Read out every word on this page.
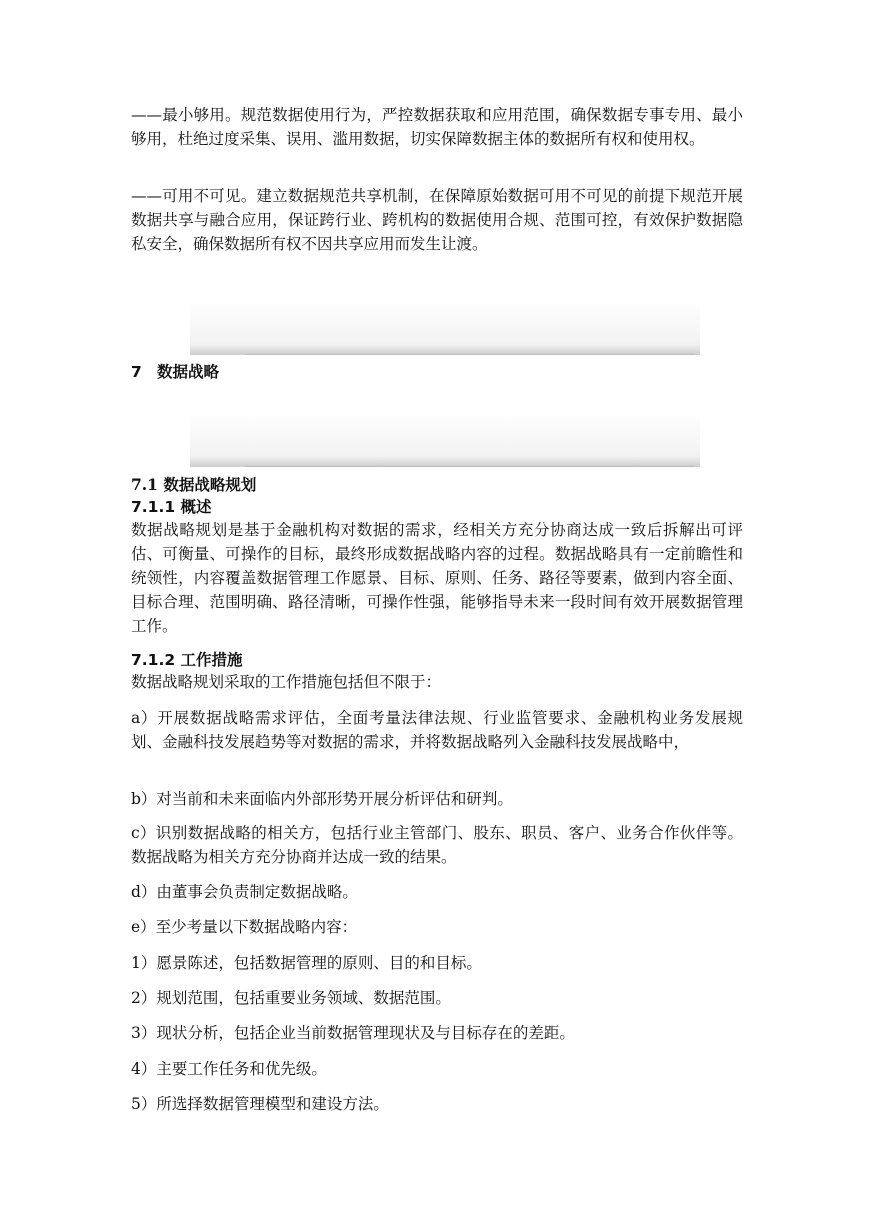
——最小够用。规范数据使用行为，严控数据获取和应用范围，确保数据专事专用、最小够用，杜绝过度采集、误用、滥用数据，切实保障数据主体的数据所有权和使用权。

——可用不可见。建立数据规范共享机制，在保障原始数据可用不可见的前提下规范开展数据共享与融合应用，保证跨行业、跨机构的数据使用合规、范围可控，有效保护数据隐私安全，确保数据所有权不因共享应用而发生让渡。

7 数据战略
7.1 数据战略规划
7.1.1 概述

数据战略规划是基于金融机构对数据的需求，经相关方充分协商达成一致后拆解出可评估、可衡量、可操作的目标，最终形成数据战略内容的过程。数据战略具有一定前瞻性和统领性，内容覆盖数据管理工作愿景、目标、原则、任务、路径等要素，做到内容全面、目标合理、范围明确、路径清晰，可操作性强，能够指导未来一段时间有效开展数据管理工作。

7.1.2 工作措施

数据战略规划采取的工作措施包括但不限于：

a）开展数据战略需求评估，全面考量法律法规、行业监管要求、金融机构业务发展规划、金融科技发展趋势等对数据的需求，并将数据战略列入金融科技发展战略中，

b）对当前和未来面临内外部形势开展分析评估和研判。

c）识别数据战略的相关方，包括行业主管部门、股东、职员、客户、业务合作伙伴等。数据战略为相关方充分协商并达成一致的结果。

d）由董事会负责制定数据战略。

e）至少考量以下数据战略内容：

1）愿景陈述，包括数据管理的原则、目的和目标。

2）规划范围，包括重要业务领域、数据范围。

3）现状分析，包括企业当前数据管理现状及与目标存在的差距。

4）主要工作任务和优先级。

5）所选择数据管理模型和建设方法。
